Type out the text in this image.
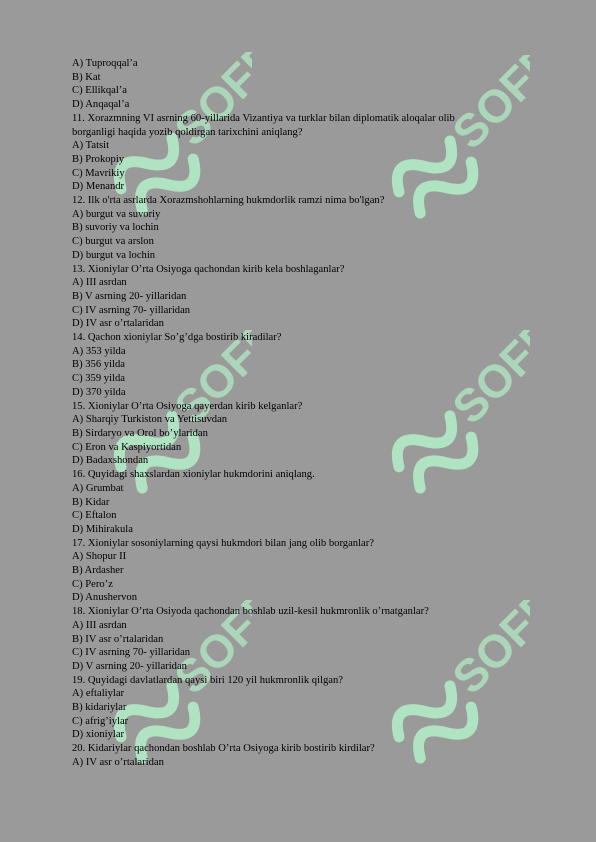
SOFF	SOFF
SOFF	SOFF
SOFF	SOFF
A) Tuproqqal’a
B) Kat
C) Ellikqal’a
D) Anqaqal’a
11. Xorazmning VI asrning 60-yillarida Vizantiya va turklar bilan diplomatik aloqalar olib
borganligi haqida yozib qoldirgan tarixchini aniqlang?
A) Tatsit
B) Prokopiy
C) Mavrikiy
D) Menandr
12. Ilk o'rta asrlarda Xorazmshohlarning hukmdorlik ramzi nima bo'lgan?
A) burgut va suvoriy
B) suvoriy va lochin
C) burgut va arslon
D) burgut va lochin
13. Xioniylar O’rta Osiyoga qachondan kirib kela boshlaganlar?
A) III asrdan
B) V asrning 20- yillaridan
C) IV asrning 70- yillaridan
D) IV asr o’rtalaridan
14. Qachon xioniylar So’g’dga bostirib kiradilar?
A) 353 yilda
B) 356 yilda
C) 359 yilda
D) 370 yilda
15. Xioniylar O’rta Osiyoga qayerdan kirib kelganlar?
A) Sharqiy Turkiston va Yettisuvdan
B) Sirdaryo va Orol bo’ylaridan
C) Eron va Kaspiyortidan
D) Badaxshondan
16. Quyidagi shaxslardan xioniylar hukmdorini aniqlang.
A) Grumbat
B) Kidar
C) Eftalon
D) Mihirakula
17. Xioniylar sosoniylarning qaysi hukmdori bilan jang olib borganlar?
A) Shopur II
B) Ardasher
C) Pero’z
D) Anushervon
18. Xioniylar O’rta Osiyoda qachondan boshlab uzil-kesil hukmronlik o’rnatganlar?
A) III asrdan
B) IV asr o’rtalaridan
C) IV asrning 70- yillaridan
D) V asrning 20- yillaridan
19. Quyidagi davlatlardan qaysi biri 120 yil hukmronlik qilgan?
A) eftaliylar
B) kidariylar
C) afrig’iylar
D) xioniylar
20. Kidariylar qachondan boshlab O’rta Osiyoga kirib bostirib kirdilar?
A) IV asr o’rtalaridan
